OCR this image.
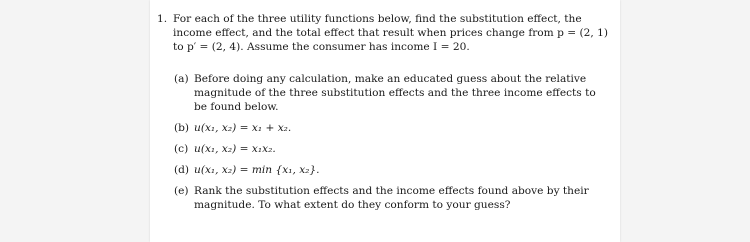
1. For each of the three utility functions below, find the substitution effect, the
income effect, and the total effect that result when prices change from p = (2, 1)
to p′ = (2, 4). Assume the consumer has income I = 20.
(a) Before doing any calculation, make an educated guess about the relative
magnitude of the three substitution effects and the three income effects to
be found below.
(b) u(x₁, x₂) = x₁ + x₂.
(c) u(x₁, x₂) = x₁x₂.
(d) u(x₁, x₂) = min {x₁, x₂}.
(e) Rank the substitution effects and the income effects found above by their
magnitude. To what extent do they conform to your guess?
